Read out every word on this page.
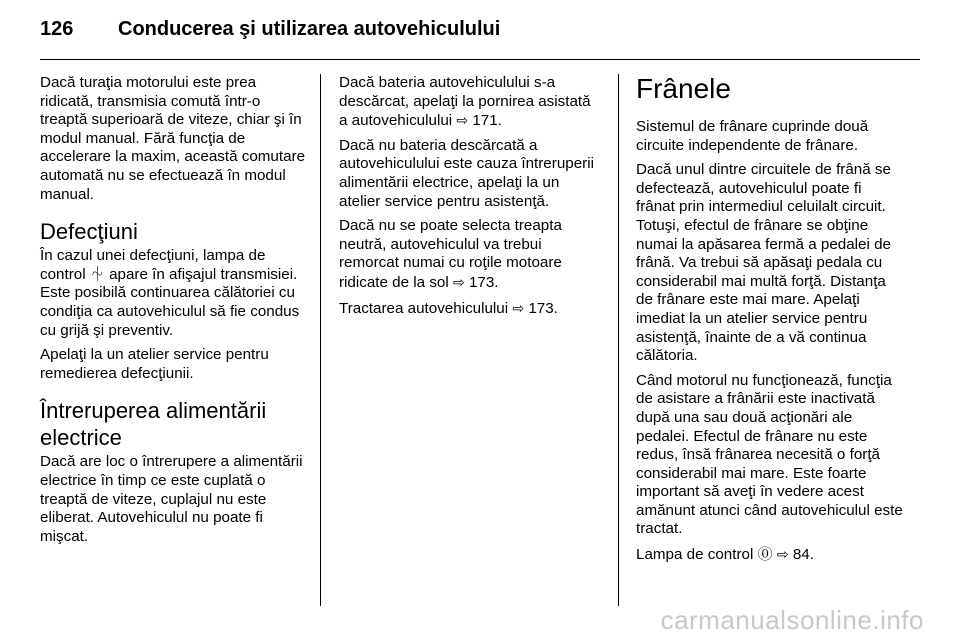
126 Conducerea şi utilizarea autovehiculului

Dacă turaţia motorului este prea ridicată, transmisia comută într-o treaptă superioară de viteze, chiar şi în modul manual. Fără funcţia de accelerare la maxim, această comutare automată nu se efectuează în modul manual.

Defecţiuni

În cazul unei defecţiuni, lampa de control ⏆ apare în afişajul transmisiei. Este posibilă continuarea călătoriei cu condiţia ca autovehiculul să fie condus cu grijă şi preventiv.

Apelaţi la un atelier service pentru remedierea defecţiunii.

Întreruperea alimentării electrice

Dacă are loc o întrerupere a alimentării electrice în timp ce este cuplată o treaptă de viteze, cuplajul nu este eliberat. Autovehiculul nu poate fi mişcat.

Dacă bateria autovehiculului s-a descărcat, apelaţi la pornirea asistată a autovehiculului ⇨ 171.

Dacă nu bateria descărcată a autovehiculului este cauza întreruperii alimentării electrice, apelaţi la un atelier service pentru asistenţă.

Dacă nu se poate selecta treapta neutră, autovehiculul va trebui remorcat numai cu roţile motoare ridicate de la sol ⇨ 173.

Tractarea autovehiculului ⇨ 173.

Frânele

Sistemul de frânare cuprinde două circuite independente de frânare.

Dacă unul dintre circuitele de frână se defectează, autovehiculul poate fi frânat prin intermediul celuilalt circuit. Totuşi, efectul de frânare se obţine numai la apăsarea fermă a pedalei de frână. Va trebui să apăsaţi pedala cu considerabil mai multă forţă. Distanţa de frânare este mai mare. Apelaţi imediat la un atelier service pentru asistenţă, înainte de a vă continua călătoria.

Când motorul nu funcţionează, funcţia de asistare a frânării este inactivată după una sau două acţionări ale pedalei. Efectul de frânare nu este redus, însă frânarea necesită o forţă considerabil mai mare. Este foarte important să aveţi în vedere acest amănunt atunci când autovehiculul este tractat.

Lampa de control ⓪ ⇨ 84.

carmanualsonline.info
